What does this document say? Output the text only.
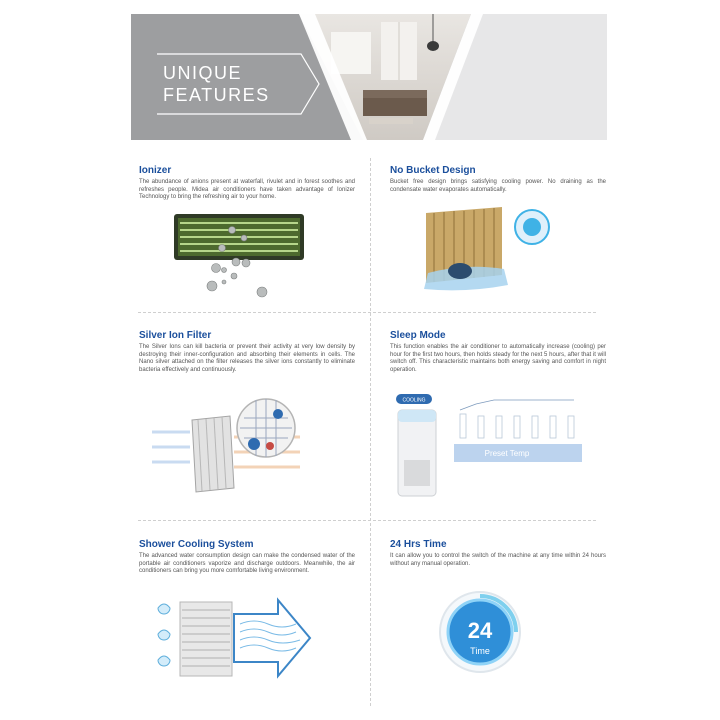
UNIQUE
FEATURES
Ionizer

The abundance of anions present at waterfall, rivulet and in forest soothes and refreshes people. Midea air conditioners have taken advantage of Ionizer Technology to bring the refreshing air to your home.

No Bucket Design

Bucket free design brings satisfying cooling power. No draining as the condensate water evaporates automatically.

Silver Ion Filter

The Silver Ions can kill bacteria or prevent their activity at very low density by destroying their inner-configuration and absorbing their elements in cells. The Nano silver attached on the filter releases the silver ions constantly to eliminate bacteria effectively and continuously.

Sleep Mode

This function enables the air conditioner to automatically increase (cooling) per hour for the first two hours, then holds steady for the next 5 hours, after that it will switch off. This characteristic maintains both energy saving and comfort in night operation.

COOLING
Preset Temp
Shower Cooling System

The advanced water consumption design can make the condensed water of the portable air conditioners vaporize and discharge outdoors. Meanwhile, the air conditioners can bring you more comfortable living environment.

24 Hrs Time

It can allow you to control the switch of the machine at any time within 24 hours without any manual operation.

24
Time
